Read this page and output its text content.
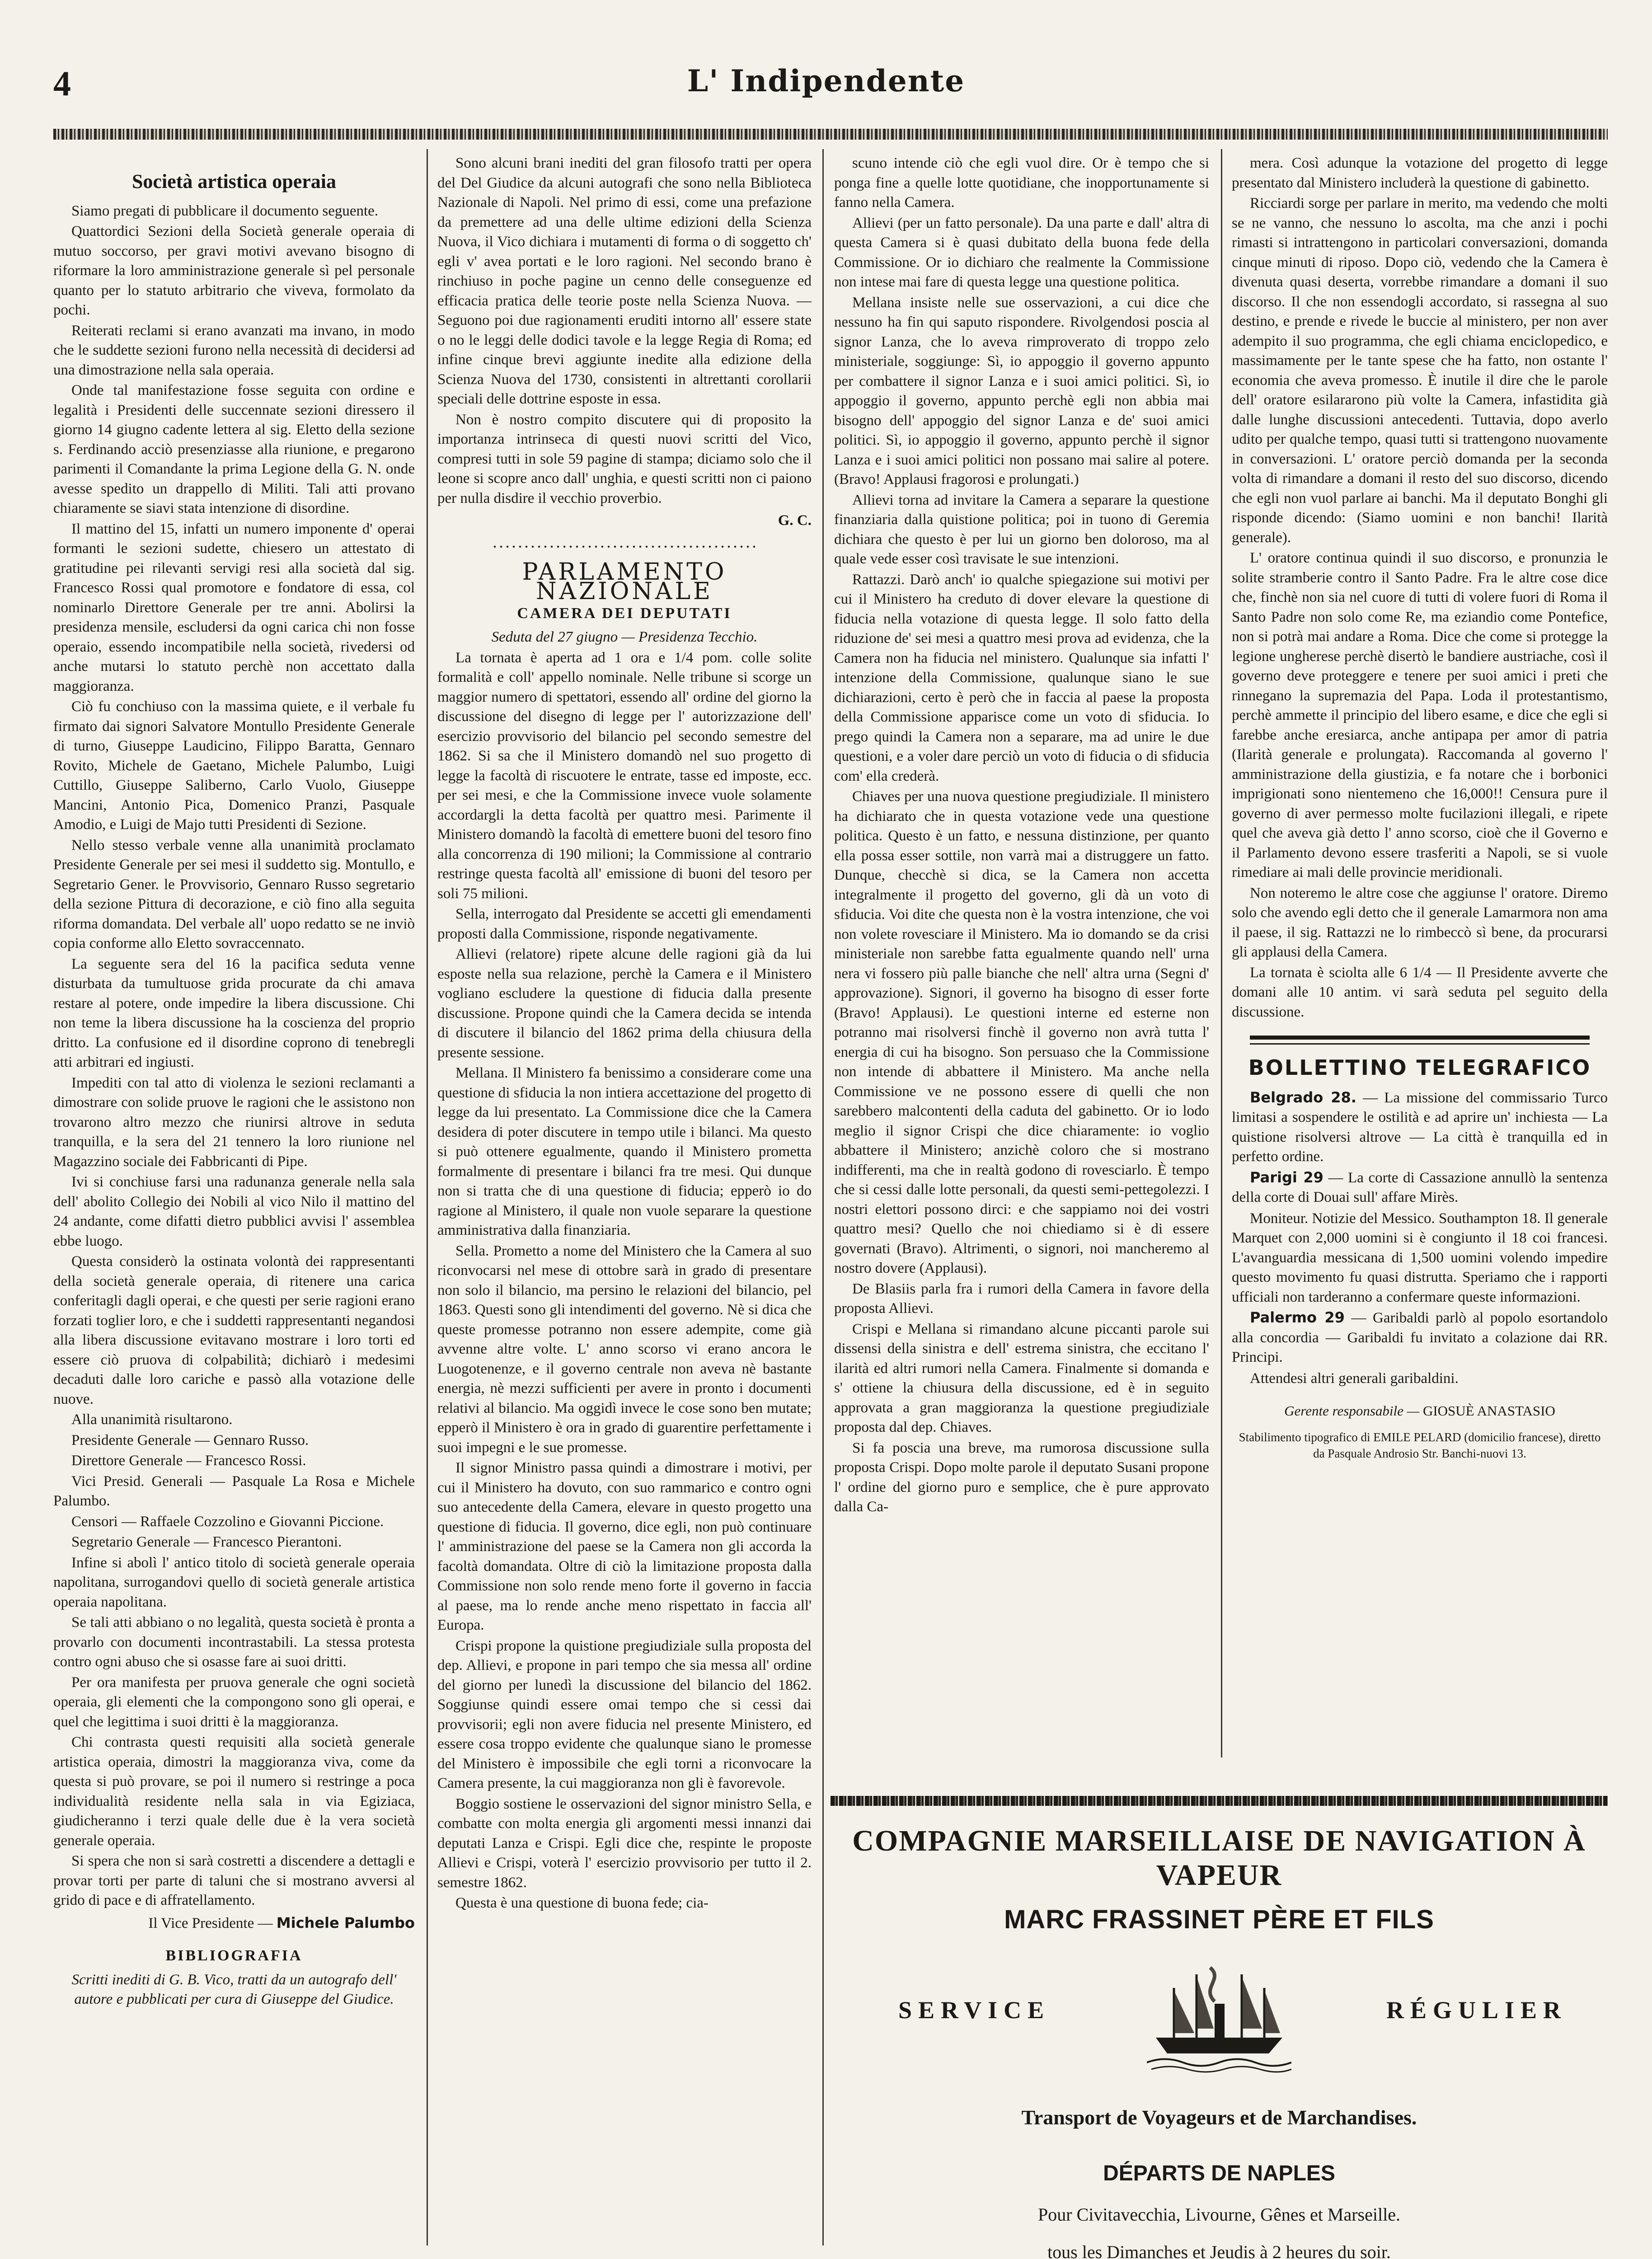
4	L' Indipendente
Società artistica operaia

Siamo pregati di pubblicare il documento seguente.

Quattordici Sezioni della Società generale operaia di mutuo soccorso, per gravi motivi avevano bisogno di riformare la loro amministrazione generale sì pel personale quanto per lo statuto arbitrario che viveva, formolato da pochi.

Reiterati reclami si erano avanzati ma invano, in modo che le suddette sezioni furono nella necessità di decidersi ad una dimostrazione nella sala operaia.

Onde tal manifestazione fosse seguita con ordine e legalità i Presidenti delle succennate sezioni diressero il giorno 14 giugno cadente lettera al sig. Eletto della sezione s. Ferdinando acciò presenziasse alla riunione, e pregarono parimenti il Comandante la prima Legione della G. N. onde avesse spedito un drappello di Militi. Tali atti provano chiaramente se siavi stata intenzione di disordine.

Il mattino del 15, infatti un numero imponente d' operai formanti le sezioni sudette, chiesero un attestato di gratitudine pei rilevanti servigi resi alla società dal sig. Francesco Rossi qual promotore e fondatore di essa, col nominarlo Direttore Generale per tre anni. Abolirsi la presidenza mensile, escludersi da ogni carica chi non fosse operaio, essendo incompatibile nella società, rivedersi od anche mutarsi lo statuto perchè non accettato dalla maggioranza.

Ciò fu conchiuso con la massima quiete, e il verbale fu firmato dai signori Salvatore Montullo Presidente Generale di turno, Giuseppe Laudicino, Filippo Baratta, Gennaro Rovito, Michele de Gaetano, Michele Palumbo, Luigi Cuttillo, Giuseppe Saliberno, Carlo Vuolo, Giuseppe Mancini, Antonio Pica, Domenico Pranzi, Pasquale Amodio, e Luigi de Majo tutti Presidenti di Sezione.

Nello stesso verbale venne alla unanimità proclamato Presidente Generale per sei mesi il suddetto sig. Montullo, e Segretario Gener. le Provvisorio, Gennaro Russo segretario della sezione Pittura di decorazione, e ciò fino alla seguita riforma domandata. Del verbale all' uopo redatto se ne inviò copia conforme allo Eletto sovraccennato.

La seguente sera del 16 la pacifica seduta venne disturbata da tumultuose grida procurate da chi amava restare al potere, onde impedire la libera discussione. Chi non teme la libera discussione ha la coscienza del proprio dritto. La confusione ed il disordine coprono di tenebregli atti arbitrari ed ingiusti.

Impediti con tal atto di violenza le sezioni reclamanti a dimostrare con solide pruove le ragioni che le assistono non trovarono altro mezzo che riunirsi altrove in seduta tranquilla, e la sera del 21 tennero la loro riunione nel Magazzino sociale dei Fabbricanti di Pipe.

Ivi si conchiuse farsi una radunanza generale nella sala dell' abolito Collegio dei Nobili al vico Nilo il mattino del 24 andante, come difatti dietro pubblici avvisi l' assemblea ebbe luogo.

Questa considerò la ostinata volontà dei rappresentanti della società generale operaia, di ritenere una carica conferitagli dagli operai, e che questi per serie ragioni erano forzati toglier loro, e che i suddetti rappresentanti negandosi alla libera discussione evitavano mostrare i loro torti ed essere ciò pruova di colpabilità; dichiarò i medesimi decaduti dalle loro cariche e passò alla votazione delle nuove.

Alla unanimità risultarono.

Presidente Generale — Gennaro Russo.

Direttore Generale — Francesco Rossi.

Vici Presid. Generali — Pasquale La Rosa e Michele Palumbo.

Censori — Raffaele Cozzolino e Giovanni Piccione.

Segretario Generale — Francesco Pierantoni.

Infine si abolì l' antico titolo di società generale operaia napolitana, surrogandovi quello di società generale artistica operaia napolitana.

Se tali atti abbiano o no legalità, questa società è pronta a provarlo con documenti incontrastabili. La stessa protesta contro ogni abuso che si osasse fare ai suoi dritti.

Per ora manifesta per pruova generale che ogni società operaia, gli elementi che la compongono sono gli operai, e quel che legittima i suoi dritti è la maggioranza.

Chi contrasta questi requisiti alla società generale artistica operaia, dimostri la maggioranza viva, come da questa si può provare, se poi il numero si restringe a poca individualità residente nella sala in via Egiziaca, giudicheranno i terzi quale delle due è la vera società generale operaia.

Si spera che non si sarà costretti a discendere a dettagli e provar torti per parte di taluni che si mostrano avversi al grido di pace e di affratellamento.

Il Vice Presidente — Michele Palumbo

BIBLIOGRAFIA

Scritti inediti di G. B. Vico, tratti da un autografo dell' autore e pubblicati per cura di Giuseppe del Giudice.

Sono alcuni brani inediti del gran filosofo tratti per opera del Del Giudice da alcuni autografi che sono nella Biblioteca Nazionale di Napoli. Nel primo di essi, come una prefazione da premettere ad una delle ultime edizioni della Scienza Nuova, il Vico dichiara i mutamenti di forma o di soggetto ch' egli v' avea portati e le loro ragioni. Nel secondo brano è rinchiuso in poche pagine un cenno delle conseguenze ed efficacia pratica delle teorie poste nella Scienza Nuova. — Seguono poi due ragionamenti eruditi intorno all' essere state o no le leggi delle dodici tavole e la legge Regia di Roma; ed infine cinque brevi aggiunte inedite alla edizione della Scienza Nuova del 1730, consistenti in altrettanti corollarii speciali delle dottrine esposte in essa.

Non è nostro compito discutere qui di proposito la importanza intrinseca di questi nuovi scritti del Vico, compresi tutti in sole 59 pagine di stampa; diciamo solo che il leone si scopre anco dall' unghia, e questi scritti non ci paiono per nulla disdire il vecchio proverbio.

G. C.

PARLAMENTO NAZIONALE
CAMERA DEI DEPUTATI

Seduta del 27 giugno — Presidenza Tecchio.

La tornata è aperta ad 1 ora e 1/4 pom. colle solite formalità e coll' appello nominale. Nelle tribune si scorge un maggior numero di spettatori, essendo all' ordine del giorno la discussione del disegno di legge per l' autorizzazione dell' esercizio provvisorio del bilancio pel secondo semestre del 1862. Si sa che il Ministero domandò nel suo progetto di legge la facoltà di riscuotere le entrate, tasse ed imposte, ecc. per sei mesi, e che la Commissione invece vuole solamente accordargli la detta facoltà per quattro mesi. Parimente il Ministero domandò la facoltà di emettere buoni del tesoro fino alla concorrenza di 190 milioni; la Commissione al contrario restringe questa facoltà all' emissione di buoni del tesoro per soli 75 milioni.

Sella, interrogato dal Presidente se accetti gli emendamenti proposti dalla Commissione, risponde negativamente.

Allievi (relatore) ripete alcune delle ragioni già da lui esposte nella sua relazione, perchè la Camera e il Ministero vogliano escludere la questione di fiducia dalla presente discussione. Propone quindi che la Camera decida se intenda di discutere il bilancio del 1862 prima della chiusura della presente sessione.

Mellana. Il Ministero fa benissimo a considerare come una questione di sfiducia la non intiera accettazione del progetto di legge da lui presentato. La Commissione dice che la Camera desidera di poter discutere in tempo utile i bilanci. Ma questo si può ottenere egualmente, quando il Ministero prometta formalmente di presentare i bilanci fra tre mesi. Qui dunque non si tratta che di una questione di fiducia; epperò io do ragione al Ministero, il quale non vuole separare la questione amministrativa dalla finanziaria.

Sella. Prometto a nome del Ministero che la Camera al suo riconvocarsi nel mese di ottobre sarà in grado di presentare non solo il bilancio, ma persino le relazioni del bilancio, pel 1863. Questi sono gli intendimenti del governo. Nè si dica che queste promesse potranno non essere adempite, come già avvenne altre volte. L' anno scorso vi erano ancora le Luogotenenze, e il governo centrale non aveva nè bastante energia, nè mezzi sufficienti per avere in pronto i documenti relativi al bilancio. Ma oggidì invece le cose sono ben mutate; epperò il Ministero è ora in grado di guarentire perfettamente i suoi impegni e le sue promesse.

Il signor Ministro passa quindi a dimostrare i motivi, per cui il Ministero ha dovuto, con suo rammarico e contro ogni suo antecedente della Camera, elevare in questo progetto una questione di fiducia. Il governo, dice egli, non può continuare l' amministrazione del paese se la Camera non gli accorda la facoltà domandata. Oltre di ciò la limitazione proposta dalla Commissione non solo rende meno forte il governo in faccia al paese, ma lo rende anche meno rispettato in faccia all' Europa.

Crispi propone la quistione pregiudiziale sulla proposta del dep. Allievi, e propone in pari tempo che sia messa all' ordine del giorno per lunedì la discussione del bilancio del 1862. Soggiunse quindi essere omai tempo che si cessi dai provvisorii; egli non avere fiducia nel presente Ministero, ed essere cosa troppo evidente che qualunque siano le promesse del Ministero è impossibile che egli torni a riconvocare la Camera presente, la cui maggioranza non gli è favorevole.

Boggio sostiene le osservazioni del signor ministro Sella, e combatte con molta energia gli argomenti messi innanzi dai deputati Lanza e Crispi. Egli dice che, respinte le proposte Allievi e Crispi, voterà l' esercizio provvisorio per tutto il 2. semestre 1862.

Questa è una questione di buona fede; cia-

scuno intende ciò che egli vuol dire. Or è tempo che si ponga fine a quelle lotte quotidiane, che inopportunamente si fanno nella Camera.

Allievi (per un fatto personale). Da una parte e dall' altra di questa Camera si è quasi dubitato della buona fede della Commissione. Or io dichiaro che realmente la Commissione non intese mai fare di questa legge una questione politica.

Mellana insiste nelle sue osservazioni, a cui dice che nessuno ha fin qui saputo rispondere. Rivolgendosi poscia al signor Lanza, che lo aveva rimproverato di troppo zelo ministeriale, soggiunge: Sì, io appoggio il governo appunto per combattere il signor Lanza e i suoi amici politici. Sì, io appoggio il governo, appunto perchè egli non abbia mai bisogno dell' appoggio del signor Lanza e de' suoi amici politici. Sì, io appoggio il governo, appunto perchè il signor Lanza e i suoi amici politici non possano mai salire al potere. (Bravo! Applausi fragorosi e prolungati.)

Allievi torna ad invitare la Camera a separare la questione finanziaria dalla quistione politica; poi in tuono di Geremia dichiara che questo è per lui un giorno ben doloroso, ma al quale vede esser così travisate le sue intenzioni.

Rattazzi. Darò anch' io qualche spiegazione sui motivi per cui il Ministero ha creduto di dover elevare la questione di fiducia nella votazione di questa legge. Il solo fatto della riduzione de' sei mesi a quattro mesi prova ad evidenza, che la Camera non ha fiducia nel ministero. Qualunque sia infatti l' intenzione della Commissione, qualunque siano le sue dichiarazioni, certo è però che in faccia al paese la proposta della Commissione apparisce come un voto di sfiducia. Io prego quindi la Camera non a separare, ma ad unire le due questioni, e a voler dare perciò un voto di fiducia o di sfiducia com' ella crederà.

Chiaves per una nuova questione pregiudiziale. Il ministero ha dichiarato che in questa votazione vede una questione politica. Questo è un fatto, e nessuna distinzione, per quanto ella possa esser sottile, non varrà mai a distruggere un fatto. Dunque, checchè si dica, se la Camera non accetta integralmente il progetto del governo, gli dà un voto di sfiducia. Voi dite che questa non è la vostra intenzione, che voi non volete rovesciare il Ministero. Ma io domando se da crisi ministeriale non sarebbe fatta egualmente quando nell' urna nera vi fossero più palle bianche che nell' altra urna (Segni d' approvazione). Signori, il governo ha bisogno di esser forte (Bravo! Applausi). Le questioni interne ed esterne non potranno mai risolversi finchè il governo non avrà tutta l' energia di cui ha bisogno. Son persuaso che la Commissione non intende di abbattere il Ministero. Ma anche nella Commissione ve ne possono essere di quelli che non sarebbero malcontenti della caduta del gabinetto. Or io lodo meglio il signor Crispi che dice chiaramente: io voglio abbattere il Ministero; anzichè coloro che si mostrano indifferenti, ma che in realtà godono di rovesciarlo. È tempo che si cessi dalle lotte personali, da questi semi-pettegolezzi. I nostri elettori possono dirci: e che sappiamo noi dei vostri quattro mesi? Quello che noi chiediamo si è di essere governati (Bravo). Altrimenti, o signori, noi mancheremo al nostro dovere (Applausi).

De Blasiis parla fra i rumori della Camera in favore della proposta Allievi.

Crispi e Mellana si rimandano alcune piccanti parole sui dissensi della sinistra e dell' estrema sinistra, che eccitano l' ilarità ed altri rumori nella Camera. Finalmente si domanda e s' ottiene la chiusura della discussione, ed è in seguito approvata a gran maggioranza la questione pregiudiziale proposta dal dep. Chiaves.

Si fa poscia una breve, ma rumorosa discussione sulla proposta Crispi. Dopo molte parole il deputato Susani propone l' ordine del giorno puro e semplice, che è pure approvato dalla Ca-

mera. Così adunque la votazione del progetto di legge presentato dal Ministero includerà la questione di gabinetto.

Ricciardi sorge per parlare in merito, ma vedendo che molti se ne vanno, che nessuno lo ascolta, ma che anzi i pochi rimasti si intrattengono in particolari conversazioni, domanda cinque minuti di riposo. Dopo ciò, vedendo che la Camera è divenuta quasi deserta, vorrebbe rimandare a domani il suo discorso. Il che non essendogli accordato, si rassegna al suo destino, e prende e rivede le buccie al ministero, per non aver adempito il suo programma, che egli chiama enciclopedico, e massimamente per le tante spese che ha fatto, non ostante l' economia che aveva promesso. È inutile il dire che le parole dell' oratore esilararono più volte la Camera, infastidita già dalle lunghe discussioni antecedenti. Tuttavia, dopo averlo udito per qualche tempo, quasi tutti si trattengono nuovamente in conversazioni. L' oratore perciò domanda per la seconda volta di rimandare a domani il resto del suo discorso, dicendo che egli non vuol parlare ai banchi. Ma il deputato Bonghi gli risponde dicendo: (Siamo uomini e non banchi! Ilarità generale).

L' oratore continua quindi il suo discorso, e pronunzia le solite stramberie contro il Santo Padre. Fra le altre cose dice che, finchè non sia nel cuore di tutti di volere fuori di Roma il Santo Padre non solo come Re, ma eziandio come Pontefice, non si potrà mai andare a Roma. Dice che come si protegge la legione ungherese perchè disertò le bandiere austriache, così il governo deve proteggere e tenere per suoi amici i preti che rinnegano la supremazia del Papa. Loda il protestantismo, perchè ammette il principio del libero esame, e dice che egli si farebbe anche eresiarca, anche antipapa per amor di patria (Ilarità generale e prolungata). Raccomanda al governo l' amministrazione della giustizia, e fa notare che i borbonici imprigionati sono nientemeno che 16,000!! Censura pure il governo di aver permesso molte fucilazioni illegali, e ripete quel che aveva già detto l' anno scorso, cioè che il Governo e il Parlamento devono essere trasferiti a Napoli, se si vuole rimediare ai mali delle provincie meridionali.

Non noteremo le altre cose che aggiunse l' oratore. Diremo solo che avendo egli detto che il generale Lamarmora non ama il paese, il sig. Rattazzi ne lo rimbeccò sì bene, da procurarsi gli applausi della Camera.

La tornata è sciolta alle 6 1/4 — Il Presidente avverte che domani alle 10 antim. vi sarà seduta pel seguito della discussione.

BOLLETTINO TELEGRAFICO

Belgrado 28. — La missione del commissario Turco limitasi a sospendere le ostilità e ad aprire un' inchiesta — La quistione risolversi altrove — La città è tranquilla ed in perfetto ordine.

Parigi 29 — La corte di Cassazione annullò la sentenza della corte di Douai sull' affare Mirès.

Moniteur. Notizie del Messico. Southampton 18. Il generale Marquet con 2,000 uomini si è congiunto il 18 coi francesi. L'avanguardia messicana di 1,500 uomini volendo impedire questo movimento fu quasi distrutta. Speriamo che i rapporti ufficiali non tarderanno a confermare queste informazioni.

Palermo 29 — Garibaldi parlò al popolo esortandolo alla concordia — Garibaldi fu invitato a colazione dai RR. Principi.

Attendesi altri generali garibaldini.

Gerente responsabile — GIOSUÈ ANASTASIO
Stabilimento tipografico di EMILE PELARD (domicilio francese), diretto da Pasquale Androsio Str. Banchi-nuovi 13.
COMPAGNIE MARSEILLAISE DE NAVIGATION À VAPEUR
MARC FRASSINET PÈRE ET FILS
SERVICE	RÉGULIER
Transport de Voyageurs et de Marchandises.
DÉPARTS DE NAPLES
Pour Civitavecchia, Livourne, Gênes et Marseille.
tous les Dimanches et Jeudis à 2 heures du soir.
